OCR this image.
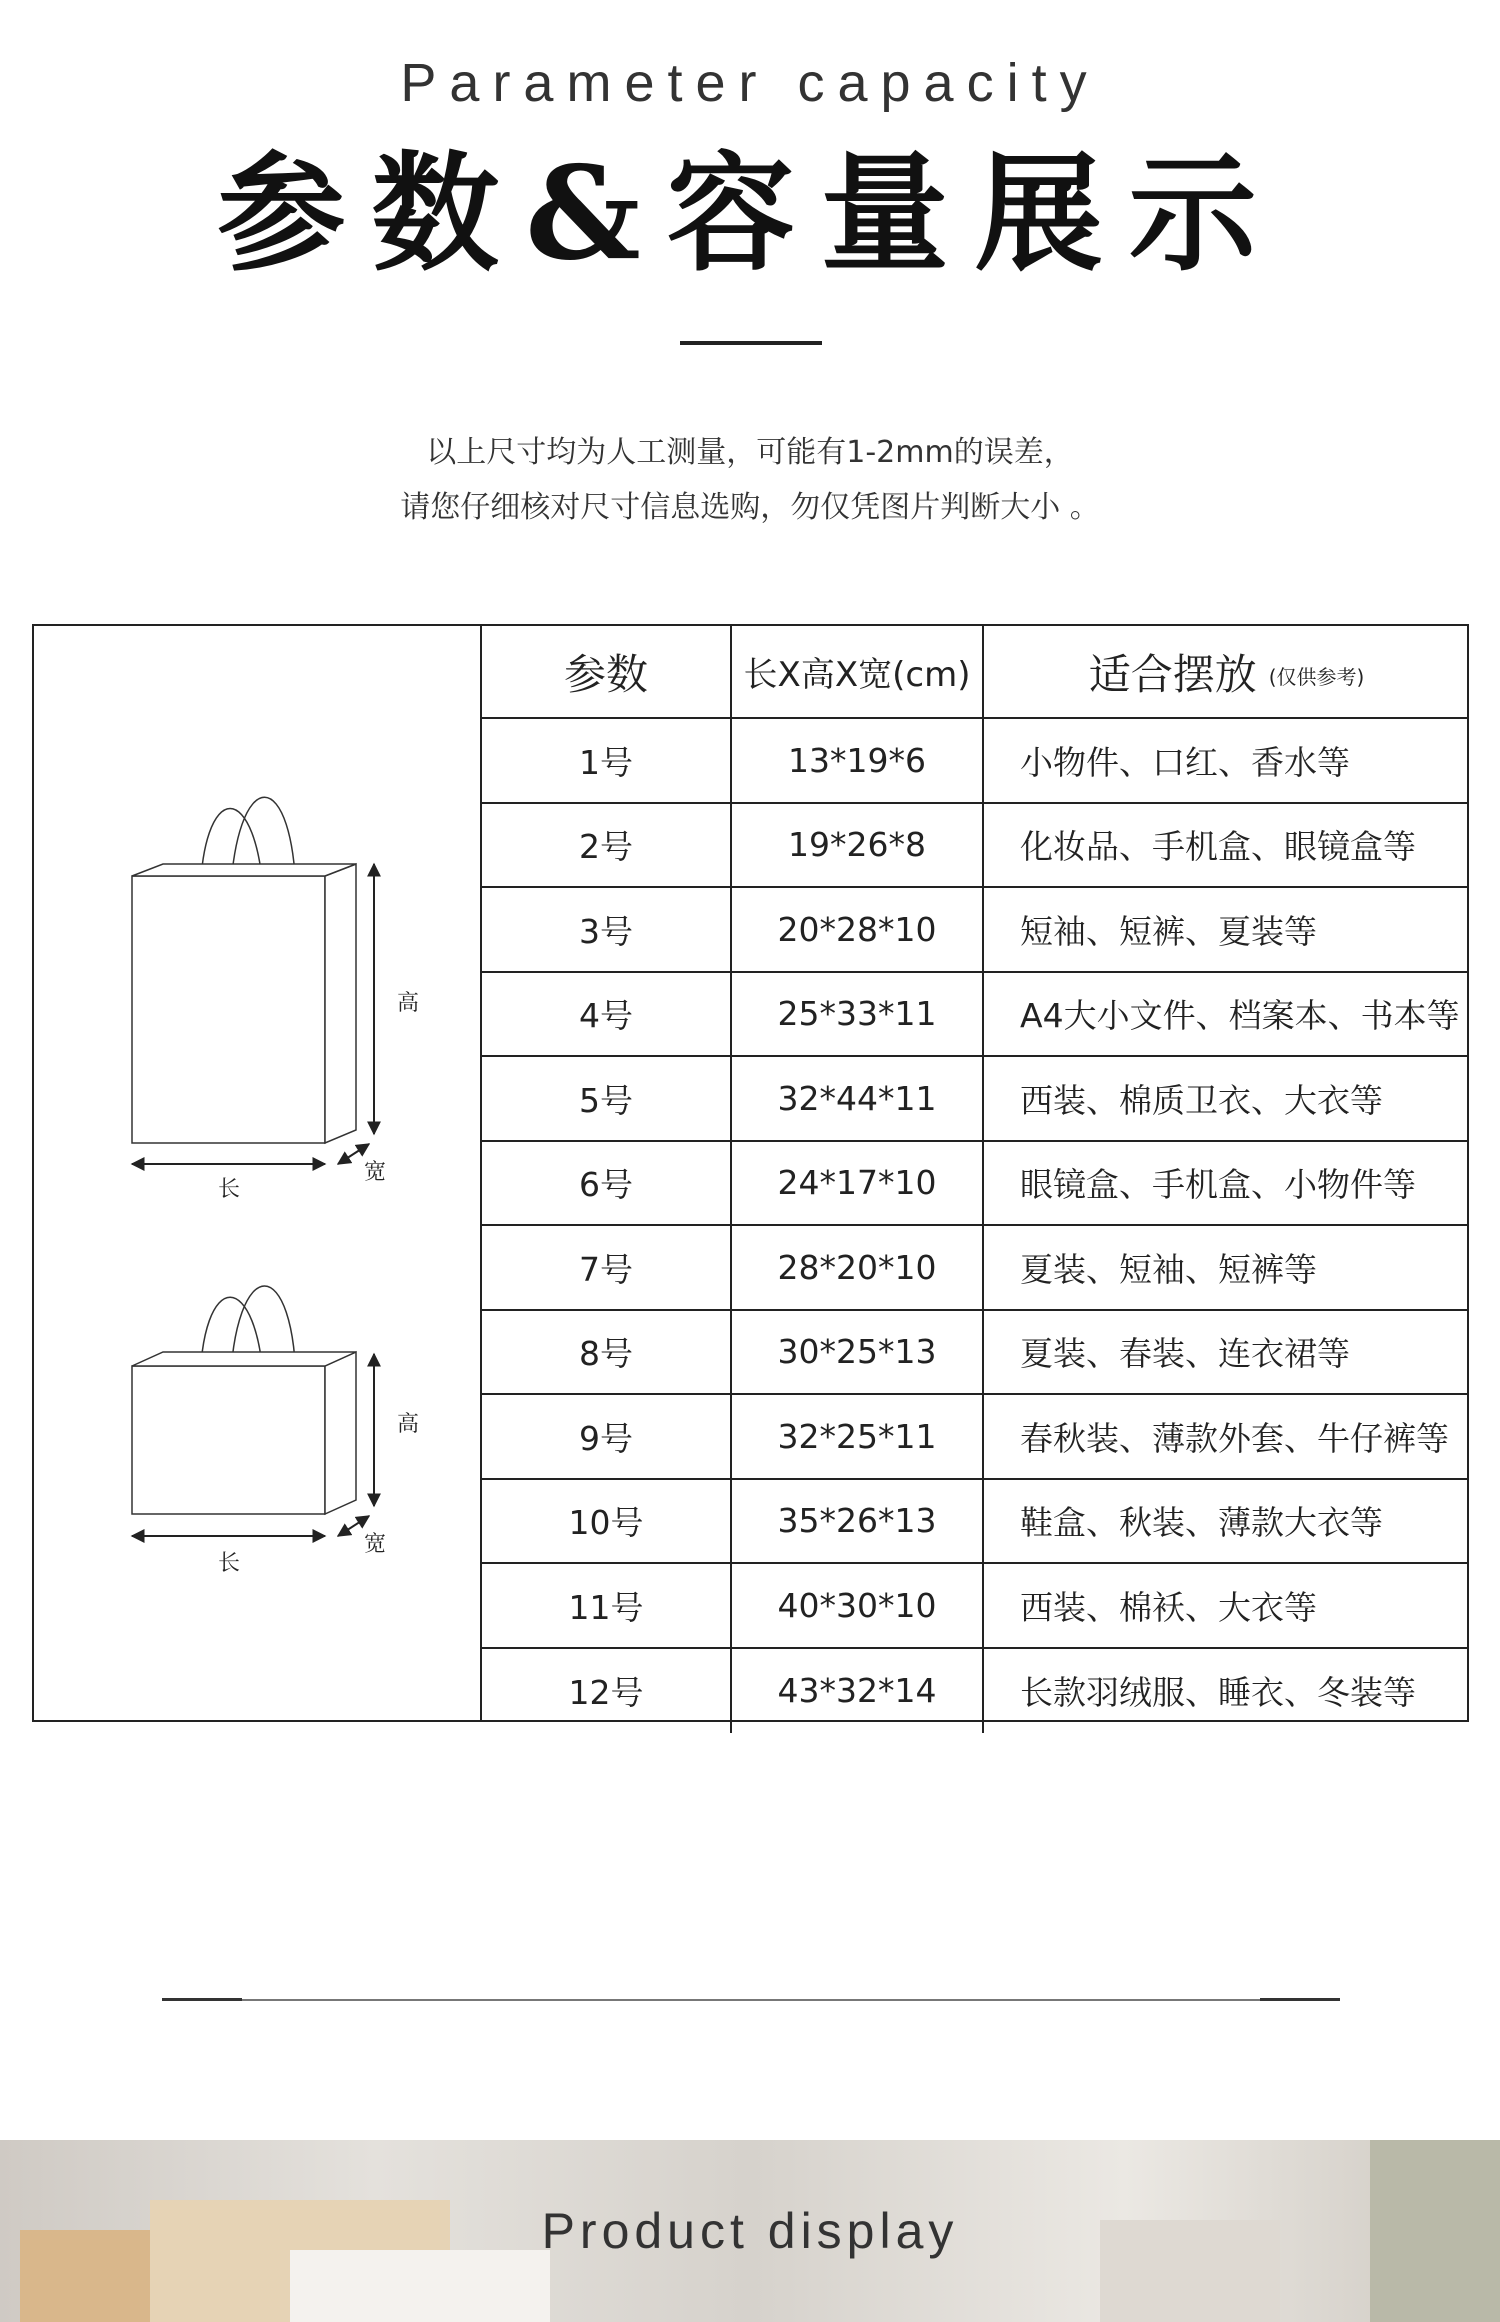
Parameter capacity
参数&容量展示
以上尺寸均为人工测量，可能有1-2mm的误差，
请您仔细核对尺寸信息选购，勿仅凭图片判断大小 。
高
长
宽
高
长
宽
参数	长X高X宽(cm)	适合摆放 (仅供参考)
1号	13*19*6	小物件、口红、香水等
2号	19*26*8	化妆品、手机盒、眼镜盒等
3号	20*28*10	短袖、短裤、夏装等
4号	25*33*11	A4大小文件、档案本、书本等
5号	32*44*11	西装、棉质卫衣、大衣等
6号	24*17*10	眼镜盒、手机盒、小物件等
7号	28*20*10	夏装、短袖、短裤等
8号	30*25*13	夏装、春装、连衣裙等
9号	32*25*11	春秋装、薄款外套、牛仔裤等
10号	35*26*13	鞋盒、秋装、薄款大衣等
11号	40*30*10	西装、棉袄、大衣等
12号	43*32*14	长款羽绒服、睡衣、冬装等
Product display
